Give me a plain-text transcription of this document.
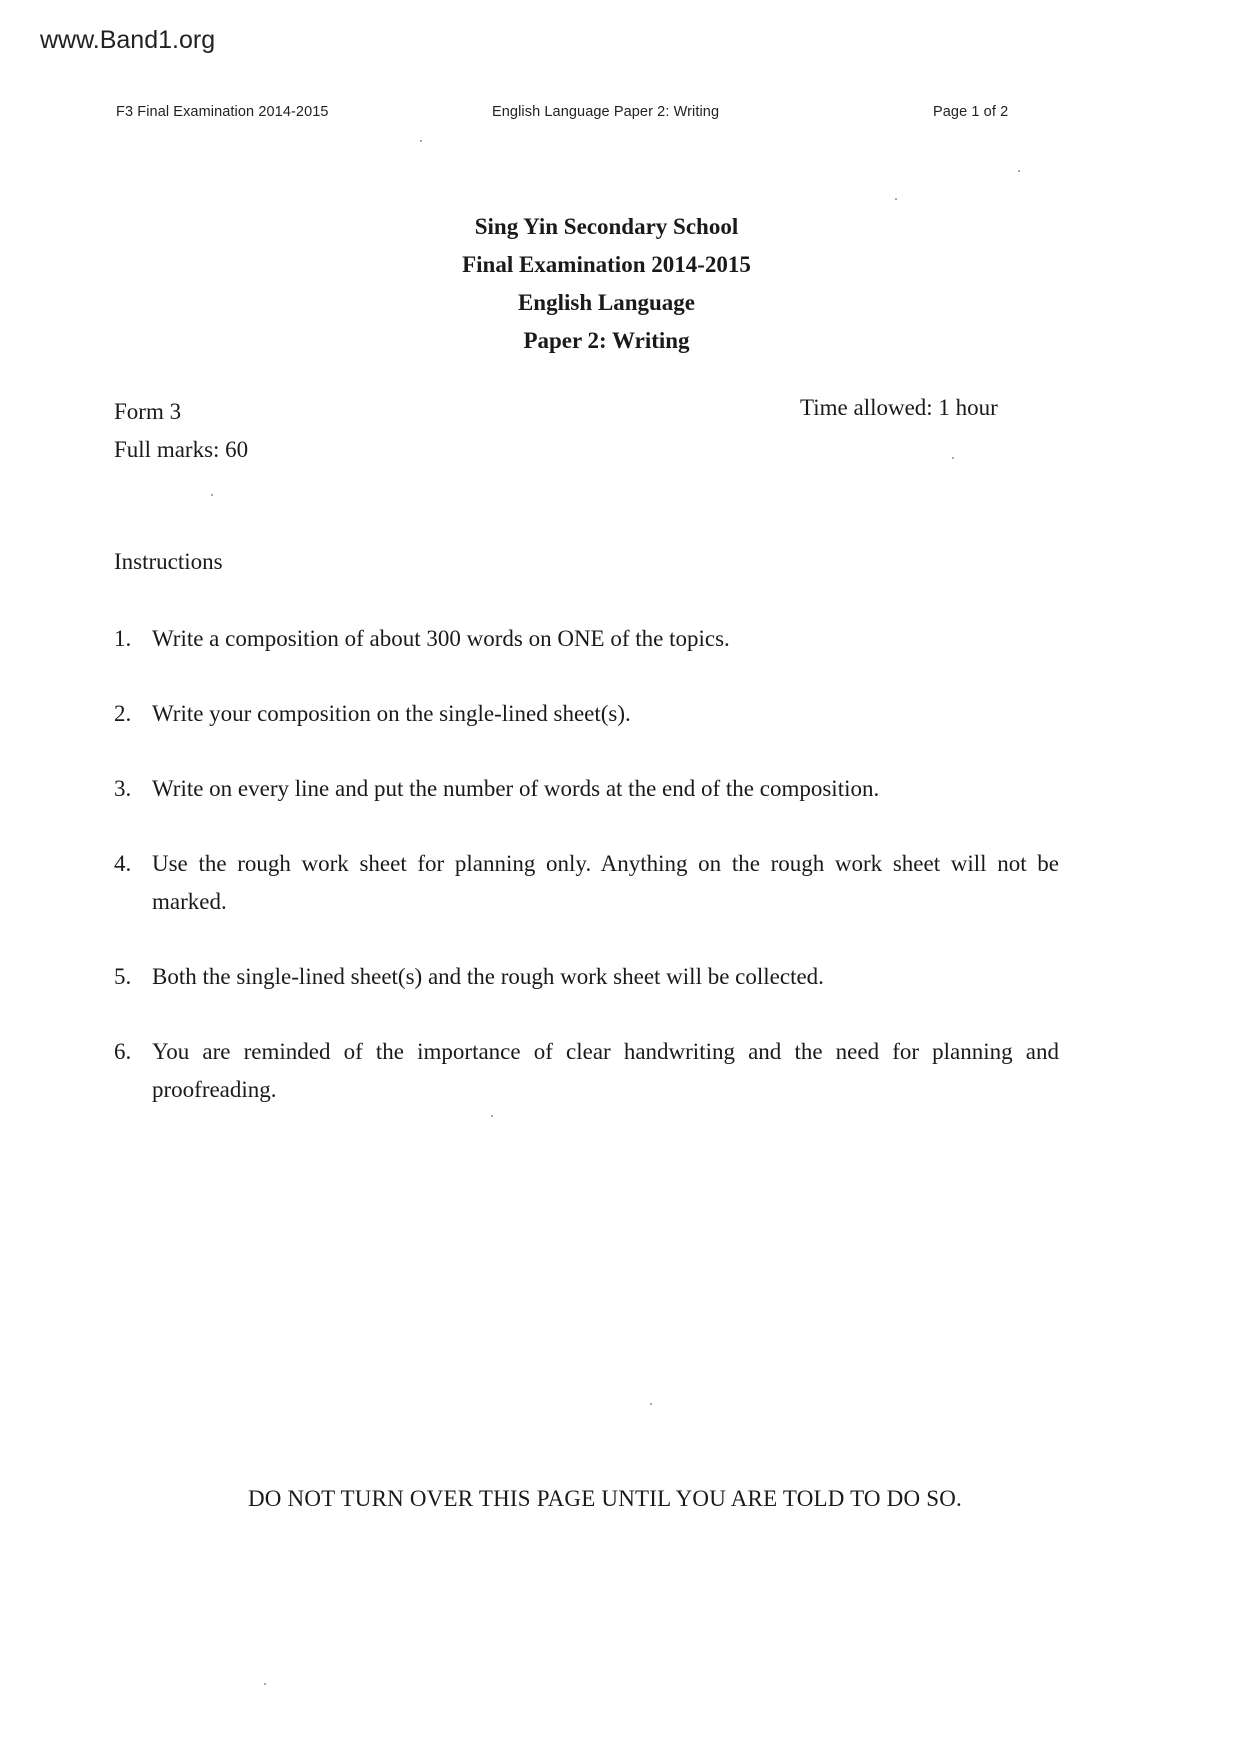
www.Band1.org
F3 Final Examination 2014-2015	English Language Paper 2: Writing	Page 1 of 2
Sing Yin Secondary School
Final Examination 2014-2015
English Language
Paper 2: Writing
Form 3
Full marks: 60
Time allowed: 1 hour
Instructions
1. Write a composition of about 300 words on ONE of the topics.
2. Write your composition on the single-lined sheet(s).
3. Write on every line and put the number of words at the end of the composition.
4. Use the rough work sheet for planning only. Anything on the rough work sheet will not be marked.
5. Both the single-lined sheet(s) and the rough work sheet will be collected.
6. You are reminded of the importance of clear handwriting and the need for planning and proofreading.
DO NOT TURN OVER THIS PAGE UNTIL YOU ARE TOLD TO DO SO.
